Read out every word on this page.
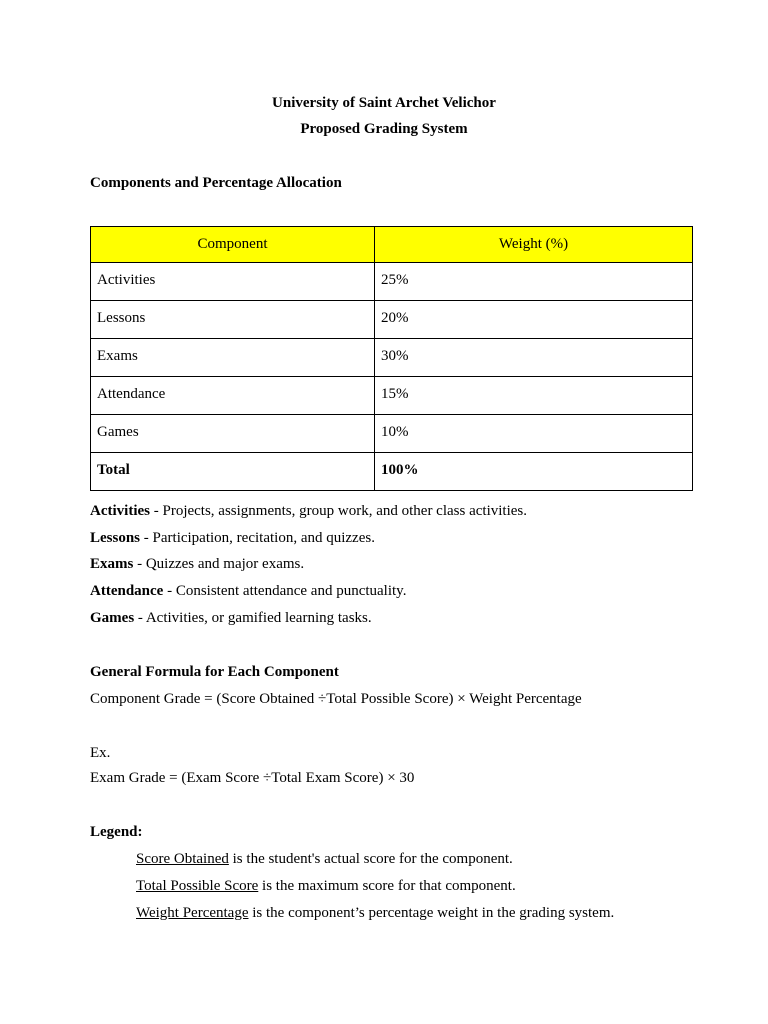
University of Saint Archet Velichor
Proposed Grading System
Components and Percentage Allocation
Component	Weight (%)
Activities	25%
Lessons	20%
Exams	30%
Attendance	15%
Games	10%
Total	100%
Activities - Projects, assignments, group work, and other class activities.
Lessons - Participation, recitation, and quizzes.
Exams - Quizzes and major exams.
Attendance - Consistent attendance and punctuality.
Games - Activities, or gamified learning tasks.
General Formula for Each Component
Component Grade = (Score Obtained ÷Total Possible Score) × Weight Percentage
Ex.
Exam Grade = (Exam Score ÷Total Exam Score) × 30
Legend:
Score Obtained is the student's actual score for the component.
Total Possible Score is the maximum score for that component.
Weight Percentage is the component’s percentage weight in the grading system.
